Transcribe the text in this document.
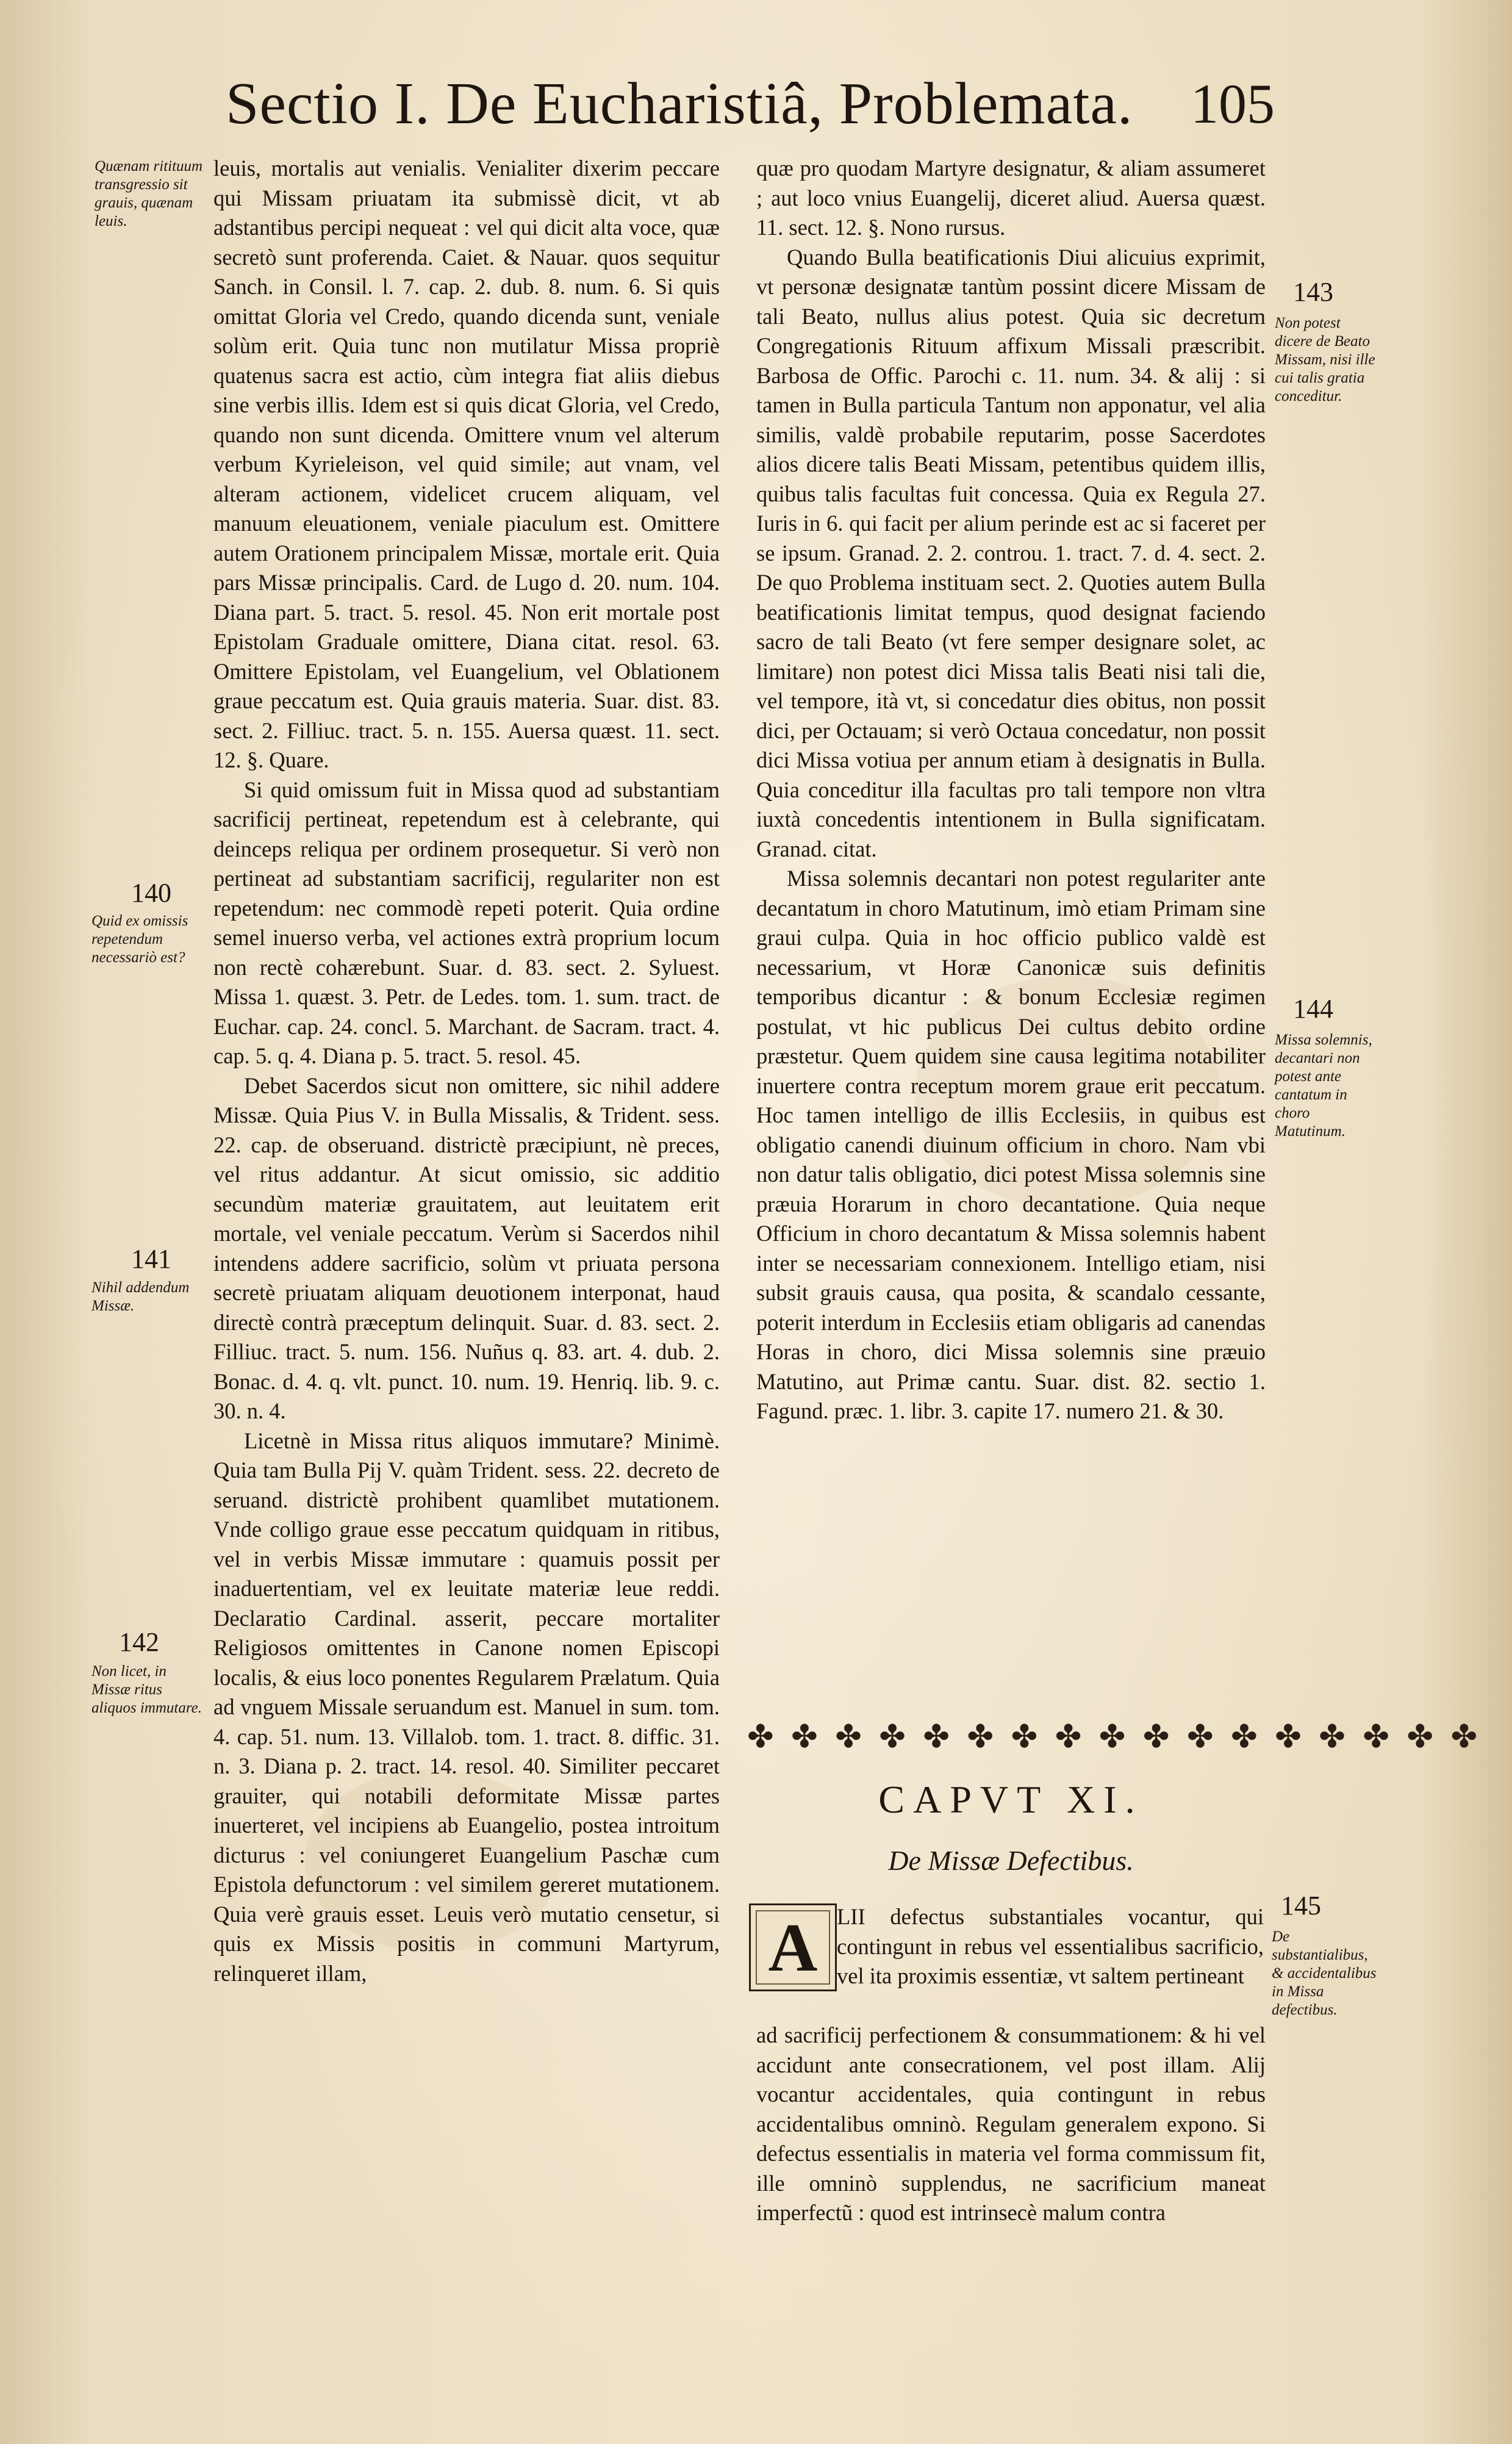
Sectio I. De Eucharistiâ, Problemata. 105
Quænam ritituum transgressio sit grauis, quænam leuis.
140
Quid ex omissis repetendum necessariò est?
141
Nihil addendum Missæ.
142
Non licet, in Missæ ritus aliquos immutare.
143
Non potest dicere de Beato Missam, nisi ille cui talis gratia conceditur.
144
Missa solemnis, decantari non potest ante cantatum in choro Matutinum.
145
De substantialibus, & accidentalibus in Missa defectibus.

leuis, mortalis aut venialis. Venialiter dixerim peccare qui Missam priuatam ita submissè dicit, vt ab adstantibus percipi nequeat : vel qui dicit alta voce, quæ secretò sunt proferenda. Caiet. & Nauar. quos sequitur Sanch. in Consil. l. 7. cap. 2. dub. 8. num. 6. Si quis omittat Gloria vel Credo, quando dicenda sunt, veniale solùm erit. Quia tunc non mutilatur Missa propriè quatenus sacra est actio, cùm integra fiat aliis diebus sine verbis illis. Idem est si quis dicat Gloria, vel Credo, quando non sunt dicenda. Omittere vnum vel alterum verbum Kyrieleison, vel quid simile; aut vnam, vel alteram actionem, videlicet crucem aliquam, vel manuum eleuationem, veniale piaculum est. Omittere autem Orationem principalem Missæ, mortale erit. Quia pars Missæ principalis. Card. de Lugo d. 20. num. 104. Diana part. 5. tract. 5. resol. 45. Non erit mortale post Epistolam Graduale omittere, Diana citat. resol. 63. Omittere Epistolam, vel Euangelium, vel Oblationem graue peccatum est. Quia grauis materia. Suar. dist. 83. sect. 2. Filliuc. tract. 5. n. 155. Auersa quæst. 11. sect. 12. §. Quare.

Si quid omissum fuit in Missa quod ad substantiam sacrificij pertineat, repetendum est à celebrante, qui deinceps reliqua per ordinem prosequetur. Si verò non pertineat ad substantiam sacrificij, regulariter non est repetendum: nec commodè repeti poterit. Quia ordine semel inuerso verba, vel actiones extrà proprium locum non rectè cohærebunt. Suar. d. 83. sect. 2. Syluest. Missa 1. quæst. 3. Petr. de Ledes. tom. 1. sum. tract. de Euchar. cap. 24. concl. 5. Marchant. de Sacram. tract. 4. cap. 5. q. 4. Diana p. 5. tract. 5. resol. 45.

Debet Sacerdos sicut non omittere, sic nihil addere Missæ. Quia Pius V. in Bulla Missalis, & Trident. sess. 22. cap. de obseruand. districtè præcipiunt, nè preces, vel ritus addantur. At sicut omissio, sic additio secundùm materiæ grauitatem, aut leuitatem erit mortale, vel veniale peccatum. Verùm si Sacerdos nihil intendens addere sacrificio, solùm vt priuata persona secretè priuatam aliquam deuotionem interponat, haud directè contrà præceptum delinquit. Suar. d. 83. sect. 2. Filliuc. tract. 5. num. 156. Nuñus q. 83. art. 4. dub. 2. Bonac. d. 4. q. vlt. punct. 10. num. 19. Henriq. lib. 9. c. 30. n. 4.

Licetnè in Missa ritus aliquos immutare? Minimè. Quia tam Bulla Pij V. quàm Trident. sess. 22. decreto de seruand. districtè prohibent quamlibet mutationem. Vnde colligo graue esse peccatum quidquam in ritibus, vel in verbis Missæ immutare : quamuis possit per inaduertentiam, vel ex leuitate materiæ leue reddi. Declaratio Cardinal. asserit, peccare mortaliter Religiosos omittentes in Canone nomen Episcopi localis, & eius loco ponentes Regularem Prælatum. Quia ad vnguem Missale seruandum est. Manuel in sum. tom. 4. cap. 51. num. 13. Villalob. tom. 1. tract. 8. diffic. 31. n. 3. Diana p. 2. tract. 14. resol. 40. Similiter peccaret grauiter, qui notabili deformitate Missæ partes inuerteret, vel incipiens ab Euangelio, postea introitum dicturus : vel coniungeret Euangelium Paschæ cum Epistola defunctorum : vel similem gereret mutationem. Quia verè grauis esset. Leuis verò mutatio censetur, si quis ex Missis positis in communi Martyrum, relinqueret illam,

quæ pro quodam Martyre designatur, & aliam assumeret ; aut loco vnius Euangelij, diceret aliud. Auersa quæst. 11. sect. 12. §. Nono rursus.

Quando Bulla beatificationis Diui alicuius exprimit, vt personæ designatæ tantùm possint dicere Missam de tali Beato, nullus alius potest. Quia sic decretum Congregationis Rituum affixum Missali præscribit. Barbosa de Offic. Parochi c. 11. num. 34. & alij : si tamen in Bulla particula Tantum non apponatur, vel alia similis, valdè probabile reputarim, posse Sacerdotes alios dicere talis Beati Missam, petentibus quidem illis, quibus talis facultas fuit concessa. Quia ex Regula 27. Iuris in 6. qui facit per alium perinde est ac si faceret per se ipsum. Granad. 2. 2. controu. 1. tract. 7. d. 4. sect. 2. De quo Problema instituam sect. 2. Quoties autem Bulla beatificationis limitat tempus, quod designat faciendo sacro de tali Beato (vt fere semper designare solet, ac limitare) non potest dici Missa talis Beati nisi tali die, vel tempore, ità vt, si concedatur dies obitus, non possit dici, per Octauam; si verò Octaua concedatur, non possit dici Missa votiua per annum etiam à designatis in Bulla. Quia conceditur illa facultas pro tali tempore non vltra iuxtà concedentis intentionem in Bulla significatam. Granad. citat.

Missa solemnis decantari non potest regulariter ante decantatum in choro Matutinum, imò etiam Primam sine graui culpa. Quia in hoc officio publico valdè est necessarium, vt Horæ Canonicæ suis definitis temporibus dicantur : & bonum Ecclesiæ regimen postulat, vt hic publicus Dei cultus debito ordine præstetur. Quem quidem sine causa legitima notabiliter inuertere contra receptum morem graue erit peccatum. Hoc tamen intelligo de illis Ecclesiis, in quibus est obligatio canendi diuinum officium in choro. Nam vbi non datur talis obligatio, dici potest Missa solemnis sine præuia Horarum in choro decantatione. Quia neque Officium in choro decantatum & Missa solemnis habent inter se necessariam connexionem. Intelligo etiam, nisi subsit grauis causa, qua posita, & scandalo cessante, poterit interdum in Ecclesiis etiam obligaris ad canendas Horas in choro, dici Missa solemnis sine præuio Matutino, aut Primæ cantu. Suar. dist. 82. sectio 1. Fagund. præc. 1. libr. 3. capite 17. numero 21. & 30.

✤ ✤ ✤ ✤ ✤ ✤ ✤ ✤ ✤ ✤ ✤ ✤ ✤ ✤ ✤ ✤ ✤
CAPVT XI.
De Missæ Defectibus.
A LII defectus substantiales vocantur, qui contingunt in rebus vel essentialibus sacrificio, vel ita proximis essentiæ, vt saltem pertineant

ad sacrificij perfectionem & consummationem: & hi vel accidunt ante consecrationem, vel post illam. Alij vocantur accidentales, quia contingunt in rebus accidentalibus omninò. Regulam generalem expono. Si defectus essentialis in materia vel forma commissum fit, ille omninò supplendus, ne sacrificium maneat imperfectũ : quod est intrinsecè malum contra
